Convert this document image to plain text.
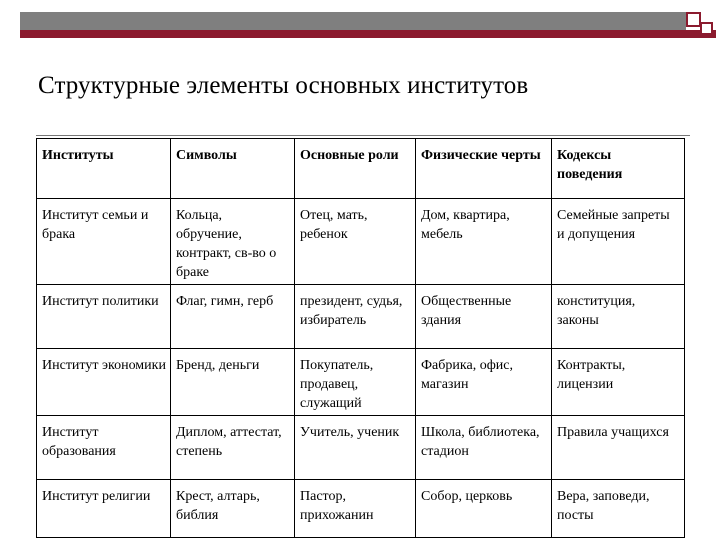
Структурные элементы основных институтов
Институты	Символы	Основные роли	Физические черты	Кодексы поведения
Институт семьи и брака	Кольца, обручение, контракт, св-во о браке	Отец, мать, ребенок	Дом, квартира, мебель	Семейные запреты и допущения
Институт политики	Флаг, гимн, герб	президент, судья, избиратель	Общественные здания	конституция, законы
Институт экономики	Бренд, деньги	Покупатель, продавец, служащий	Фабрика, офис, магазин	Контракты, лицензии
Институт образования	Диплом, аттестат, степень	Учитель, ученик	Школа, библиотека, стадион	Правила учащихся
Институт религии	Крест, алтарь, библия	Пастор, прихожанин	Собор, церковь	Вера, заповеди, посты
